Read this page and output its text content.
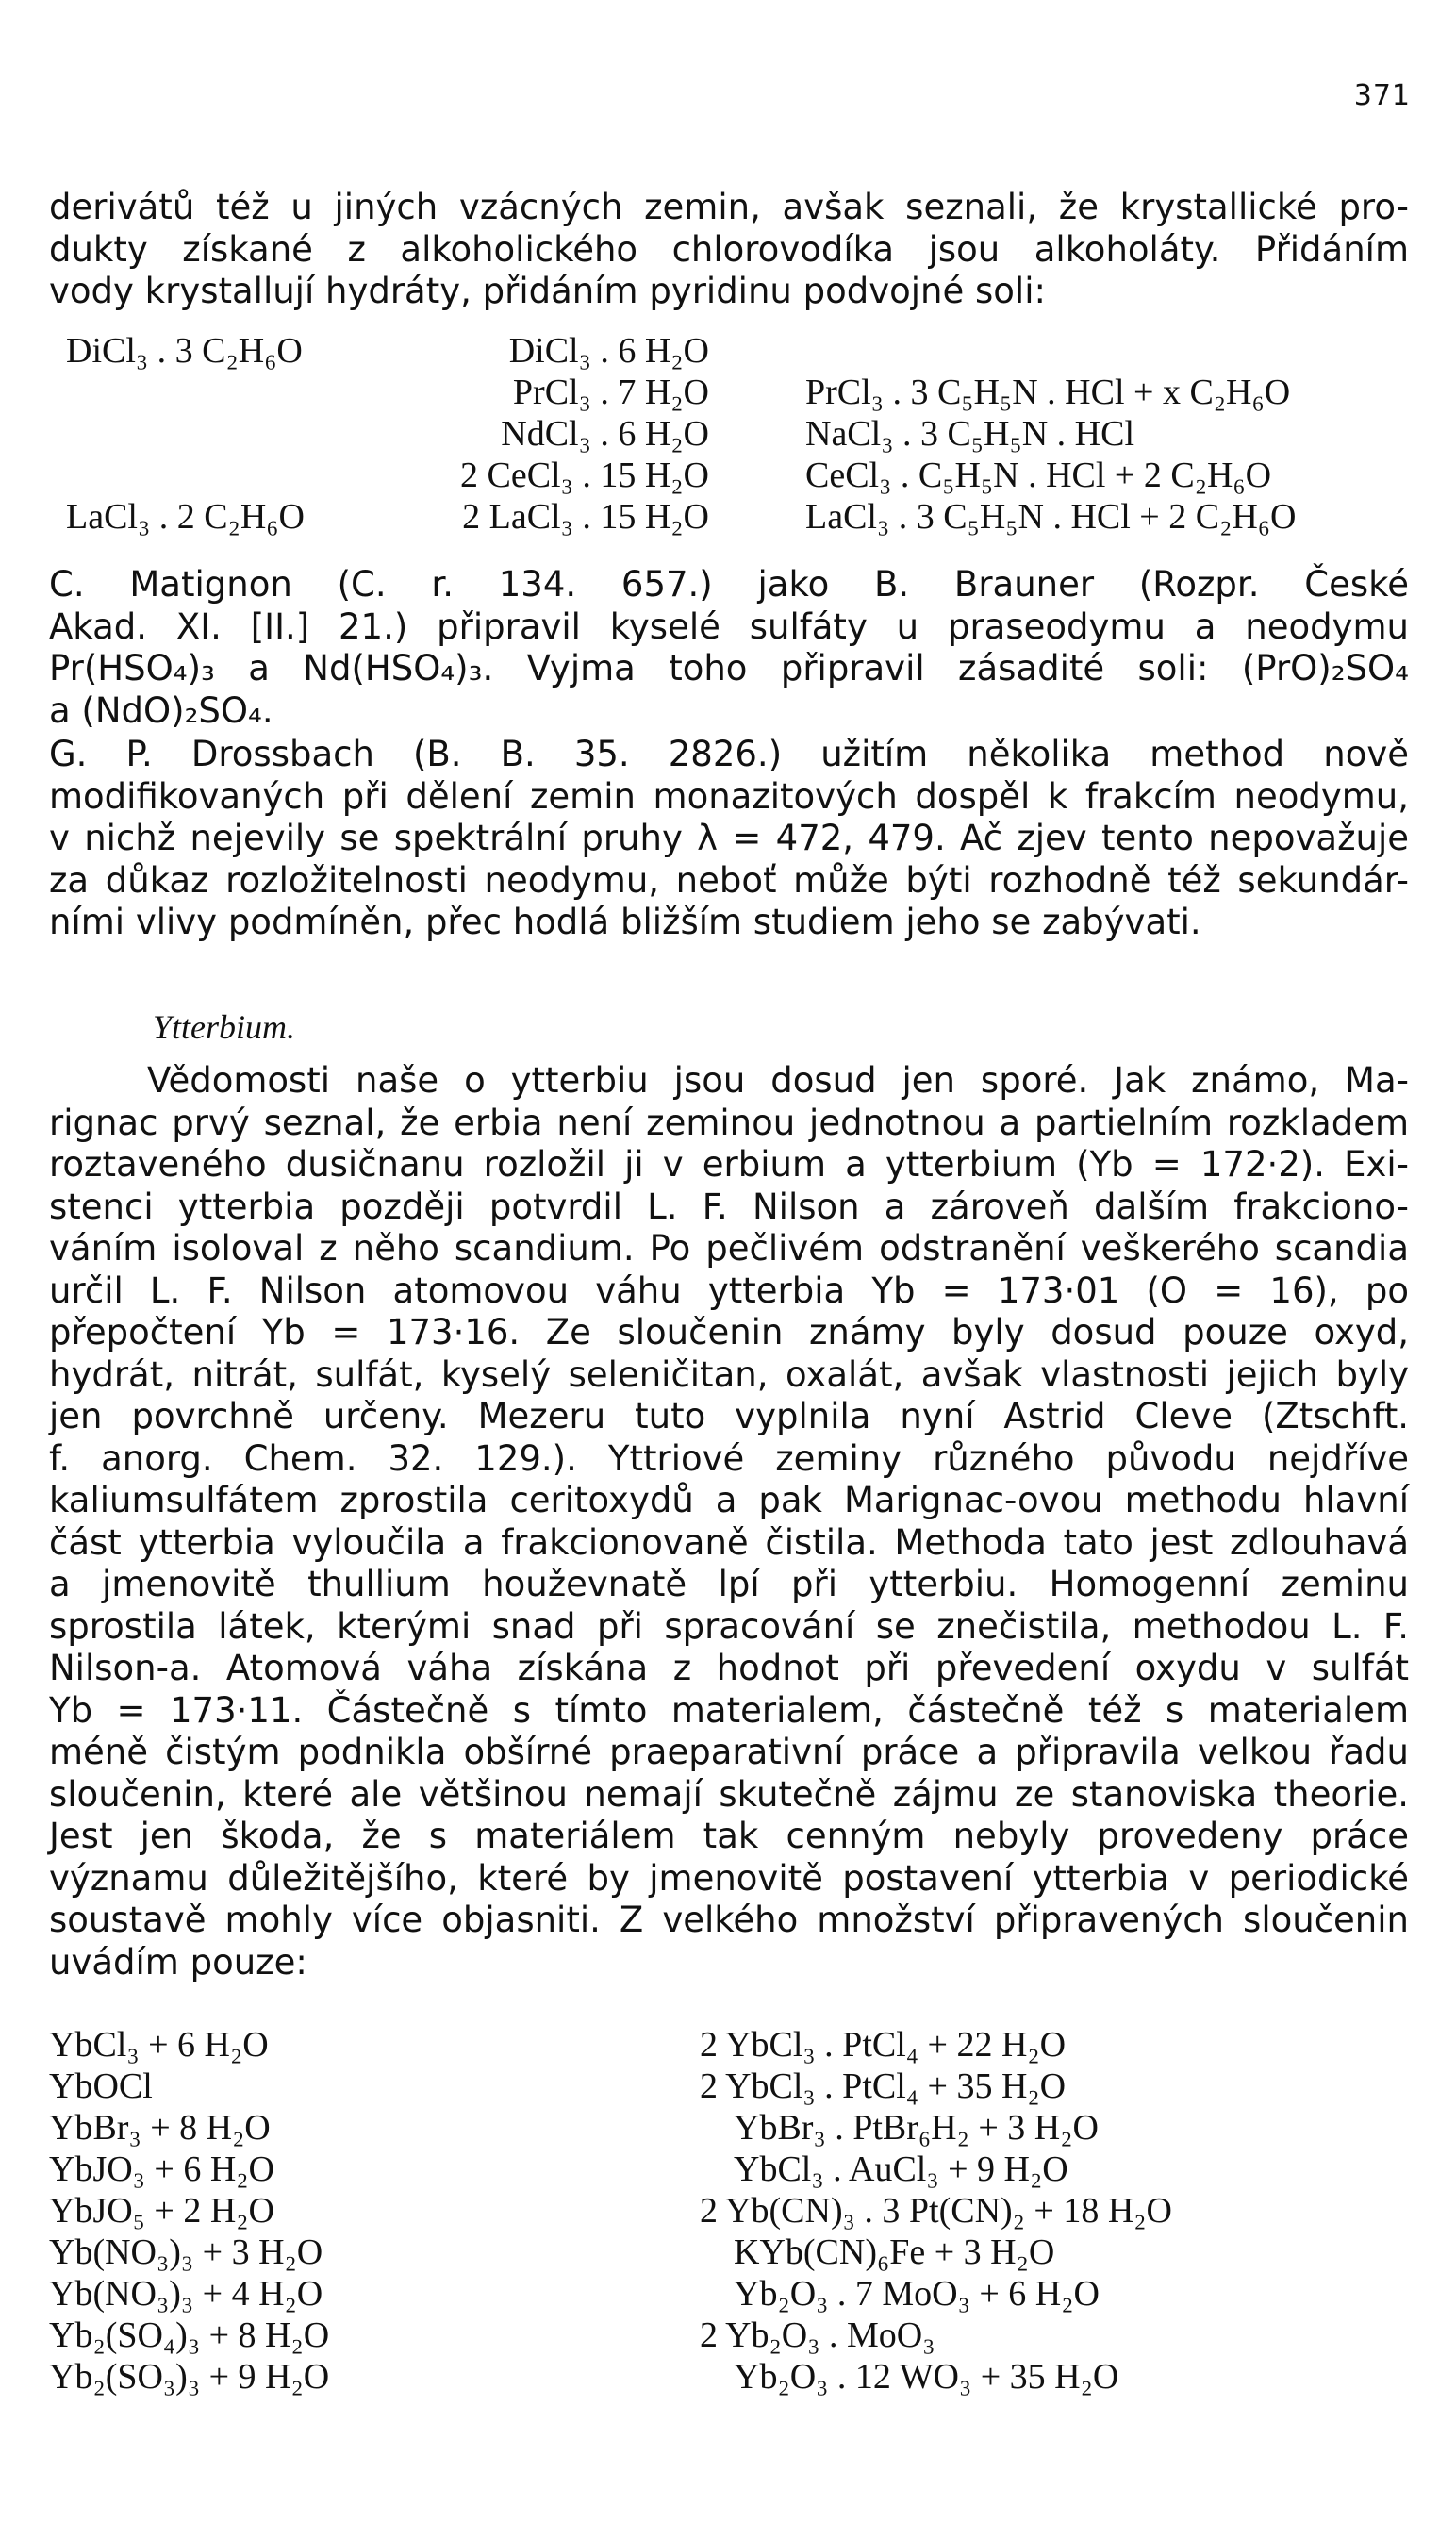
371
derivátů též u jiných vzácných zemin, avšak seznali, že krystallické pro-
dukty získané z alkoholického chlorovodíka jsou alkoholáty. Přidáním
vody krystallují hydráty, přidáním pyridinu podvojné soli:
DiCl₃ . 3 C₂H₆O
LaCl₃ . 2 C₂H₆O
DiCl₃ . 6 H₂O
PrCl₃ . 7 H₂O
NdCl₃ . 6 H₂O
2 CeCl₃ . 15 H₂O
2 LaCl₃ . 15 H₂O
PrCl₃ . 3 C₅H₅N . HCl + x C₂H₆O
NaCl₃ . 3 C₅H₅N . HCl
CeCl₃ . C₅H₅N . HCl + 2 C₂H₆O
LaCl₃ . 3 C₅H₅N . HCl + 2 C₂H₆O
C. Matignon (C. r. 134. 657.) jako B. Brauner (Rozpr. České
Akad. XI. [II.] 21.) připravil kyselé sulfáty u praseodymu a neodymu
Pr(HSO₄)₃ a Nd(HSO₄)₃. Vyjma toho připravil zásadité soli: (PrO)₂SO₄
a (NdO)₂SO₄.
G. P. Drossbach (B. B. 35. 2826.) užitím několika method nově
modifikovaných při dělení zemin monazitových dospěl k frakcím neodymu,
v nichž nejevily se spektrální pruhy λ = 472, 479. Ač zjev tento nepovažuje
za důkaz rozložitelnosti neodymu, neboť může býti rozhodně též sekundár-
ními vlivy podmíněn, přec hodlá bližším studiem jeho se zabývati.
Ytterbium.
Vědomosti naše o ytterbiu jsou dosud jen sporé. Jak známo, Ma-
rignac prvý seznal, že erbia není zeminou jednotnou a partielním rozkladem
roztaveného dusičnanu rozložil ji v erbium a ytterbium (Yb = 172·2). Exi-
stenci ytterbia později potvrdil L. F. Nilson a zároveň dalším frakciono-
váním isoloval z něho scandium. Po pečlivém odstranění veškerého scandia
určil L. F. Nilson atomovou váhu ytterbia Yb = 173·01 (O = 16), po
přepočtení Yb = 173·16. Ze sloučenin známy byly dosud pouze oxyd,
hydrát, nitrát, sulfát, kyselý seleničitan, oxalát, avšak vlastnosti jejich byly
jen povrchně určeny. Mezeru tuto vyplnila nyní Astrid Cleve (Ztschft.
f. anorg. Chem. 32. 129.). Yttriové zeminy různého původu nejdříve
kaliumsulfátem zprostila ceritoxydů a pak Marignac-ovou methodu hlavní
část ytterbia vyloučila a frakcionovaně čistila. Methoda tato jest zdlouhavá
a jmenovitě thullium houževnatě lpí při ytterbiu. Homogenní zeminu
sprostila látek, kterými snad při spracování se znečistila, methodou L. F.
Nilson-a. Atomová váha získána z hodnot při převedení oxydu v sulfát
Yb = 173·11. Částečně s tímto materialem, částečně též s materialem
méně čistým podnikla obšírné praeparativní práce a připravila velkou řadu
sloučenin, které ale většinou nemají skutečně zájmu ze stanoviska theorie.
Jest jen škoda, že s materiálem tak cenným nebyly provedeny práce
významu důležitějšího, které by jmenovitě postavení ytterbia v periodické
soustavě mohly více objasniti. Z velkého množství připravených sloučenin
uvádím pouze:
YbCl₃ + 6 H₂O
YbOCl
YbBr₃ + 8 H₂O
YbJO₃ + 6 H₂O
YbJO₅ + 2 H₂O
Yb(NO₃)₃ + 3 H₂O
Yb(NO₃)₃ + 4 H₂O
Yb₂(SO₄)₃ + 8 H₂O
Yb₂(SO₃)₃ + 9 H₂O
2 YbCl₃ . PtCl₄ + 22 H₂O
2 YbCl₃ . PtCl₄ + 35 H₂O
YbBr₃ . PtBr₆H₂ + 3 H₂O
YbCl₃ . AuCl₃ + 9 H₂O
2 Yb(CN)₃ . 3 Pt(CN)₂ + 18 H₂O
KYb(CN)₆Fe + 3 H₂O
Yb₂O₃ . 7 MoO₃ + 6 H₂O
2 Yb₂O₃ . MoO₃
Yb₂O₃ . 12 WO₃ + 35 H₂O
